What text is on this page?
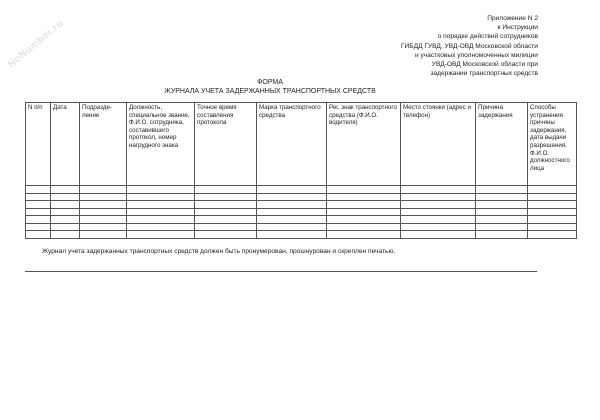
NoNumber.ru	Приложение N 2
к Инструкции
о порядке действий сотрудников
ГИБДД ГУВД, УВД-ОВД Московской области
и участковых уполномоченных милиции
УВД-ОВД Московской области при
задержании транспортных средств
ФОРМА
ЖУРНАЛА УЧЕТА ЗАДЕРЖАННЫХ ТРАНСПОРТНЫХ СРЕДСТВ
N п/п	Дата	Подразде- ление	Должность, специальное звание, Ф.И.О. сотрудника, составившего протокол, номер нагрудного знака	Точное время составления протокола	Марка транспортного средства	Рег. знак транспортного средства (Ф.И.О. водителя)	Место стоянки (адрес и телефон)	Причина задержания	Способы устранения причины задержания, дата выдачи разрешения, Ф.И.О. должностного лица

Журнал учета задержанных транспортных средств должен быть пронумерован, прошнурован и скреплен печатью.
